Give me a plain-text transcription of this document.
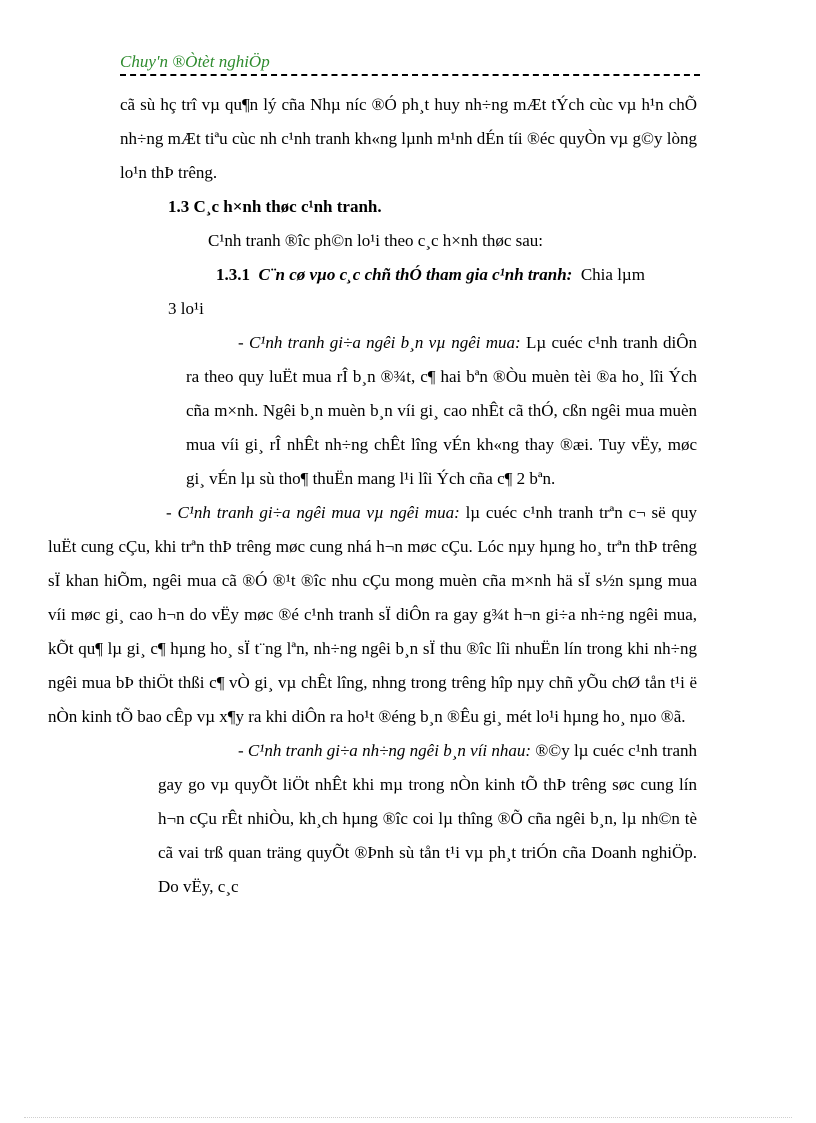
Chuy'n ®Òtèt nghiÖp

cã sù hç trî vµ qu¶n lý cña Nhµ níc ®Ó ph¸t huy nh÷ng mÆt tÝch cùc vµ h¹n chÕ nh÷ng mÆt tiªu cùc nh c¹nh tranh kh«ng lµnh m¹nh dÉn tíi ®éc quyÒn vµ g©y lòng lo¹n thÞ trêng.

1.3 C¸c h×nh thøc c¹nh tranh.

C¹nh tranh ®îc ph©n lo¹i theo c¸c h×nh thøc sau:

1.3.1 C¨n cø vµo c¸c chñ thÓ tham gia c¹nh tranh: Chia lµm

3 lo¹i

- C¹nh tranh gi÷a ngêi b¸n vµ ngêi mua: Lµ cuéc c¹nh tranh diÔn ra theo quy luËt mua rÎ b¸n ®¾t, c¶ hai bªn ®Òu muèn tèi ®a ho¸ lîi Ých cña m×nh. Ngêi b¸n muèn b¸n víi gi¸ cao nhÊt cã thÓ, cßn ngêi mua muèn mua víi gi¸ rÎ nhÊt nh÷ng chÊt lîng vÉn kh«ng thay ®æi. Tuy vËy, møc gi¸ vÉn lµ sù tho¶ thuËn mang l¹i lîi Ých cña c¶ 2 bªn.

- C¹nh tranh gi÷a ngêi mua vµ ngêi mua: lµ cuéc c¹nh tranh trªn c¬ së quy luËt cung cÇu, khi trªn thÞ trêng møc cung nhá h¬n møc cÇu. Lóc nµy hµng ho¸ trªn thÞ trêng sÏ khan hiÕm, ngêi mua cã ®Ó ®¹t ®îc nhu cÇu mong muèn cña m×nh hä sÏ s½n sµng mua víi møc gi¸ cao h¬n do vËy møc ®é c¹nh tranh sÏ diÔn ra gay g¾t h¬n gi÷a nh÷ng ngêi mua, kÕt qu¶ lµ gi¸ c¶ hµng ho¸ sÏ t¨ng lªn, nh÷ng ngêi b¸n sÏ thu ®îc lîi nhuËn lín trong khi nh÷ng ngêi mua bÞ thiÖt thßi c¶ vÒ gi¸ vµ chÊt lîng, nhng trong trêng hîp nµy chñ yÕu chØ tån t¹i ë nÒn kinh tÕ bao cÊp vµ x¶y ra khi diÔn ra ho¹t ®éng b¸n ®Êu gi¸ mét lo¹i hµng ho¸ nµo ®ã.

- C¹nh tranh gi÷a nh÷ng ngêi b¸n víi nhau: ®©y lµ cuéc c¹nh tranh gay go vµ quyÕt liÖt nhÊt khi mµ trong nÒn kinh tÕ thÞ trêng søc cung lín h¬n cÇu rÊt nhiÒu, kh¸ch hµng ®îc coi lµ thîng ®Õ cña ngêi b¸n, lµ nh©n tè cã vai trß quan träng quyÕt ®Þnh sù tån t¹i vµ ph¸t triÓn cña Doanh nghiÖp. Do vËy, c¸c
